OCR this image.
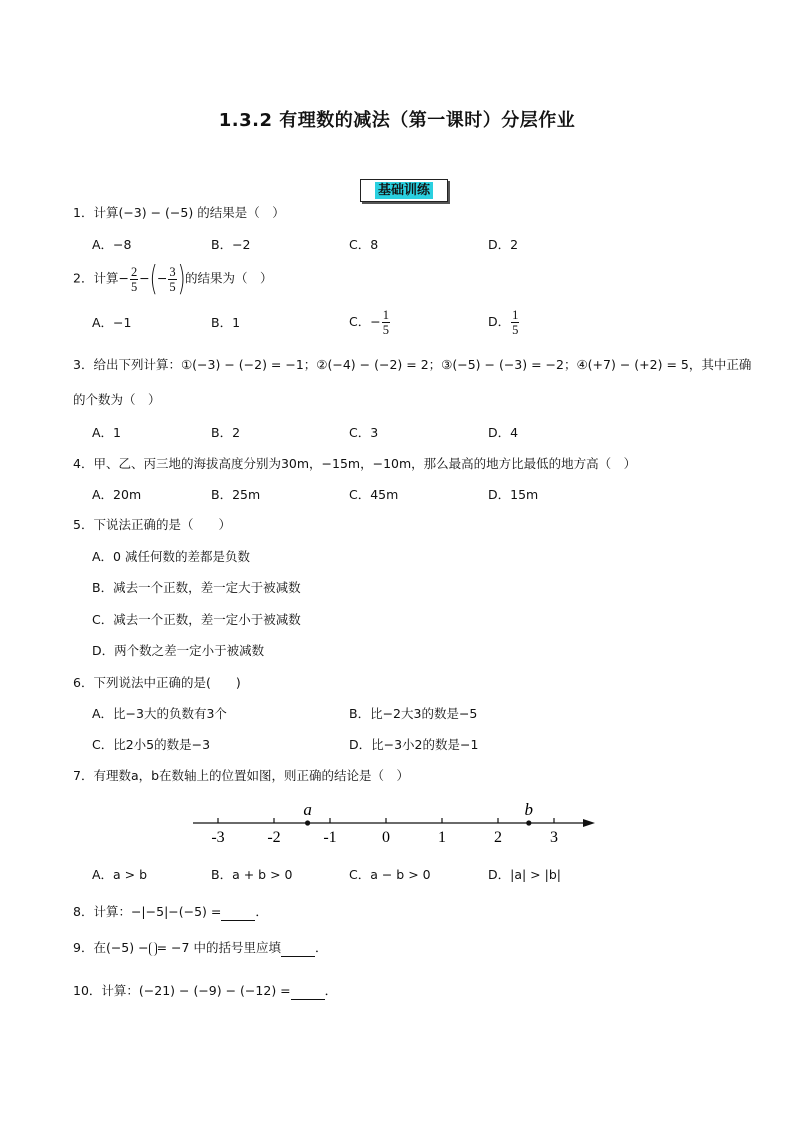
1.3.2 有理数的减法（第一课时）分层作业
基础训练
1．计算(−3) − (−5) 的结果是（　）
A．−8	B．−2	C．8	D．2
2．计算− $\frac{2}{5}$ −(− $\frac{3}{5}$ )的结果为（　）
A．−1	B．1	C．− $\frac{1}{5}$	D． $\frac{1}{5}$
3．给出下列计算：①(−3) − (−2) = −1；②(−4) − (−2) = 2；③(−5) − (−3) = −2；④(+7) − (+2) = 5，其中正确
的个数为（　）
A．1	B．2	C．3	D．4
4．甲、乙、丙三地的海拔高度分别为30m，−15m，−10m，那么最高的地方比最低的地方高（　）
A．20m	B．25m	C．45m	D．15m
5．下说法正确的是（　　）
A．0 减任何数的差都是负数
B．减去一个正数，差一定大于被减数
C．减去一个正数，差一定小于被减数
D．两个数之差一定小于被减数
6．下列说法中正确的是(　　)
A．比−3大的负数有3个	B．比−2大3的数是−5
C．比2小5的数是−3	D．比−3小2的数是−1
7．有理数a，b在数轴上的位置如图，则正确的结论是（　）
-3	-2	-1	0	1	2	3
a	b
A．a > b	B．a + b > 0	C．a − b > 0	D．|a| > |b|
8．计算：−|−5|−(−5) =	．
9．在(−5) − = −7 中的括号里应填	．
10．计算：(−21) − (−9) − (−12) =	．
